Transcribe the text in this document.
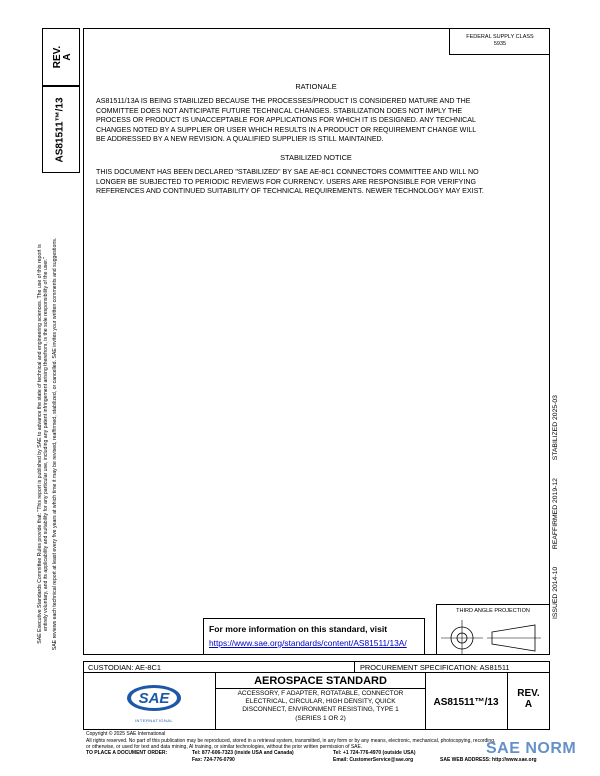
REV. A
AS81511™/13
SAE Executive Standards Committee Rules provide that: "This report is published by SAE to advance the state of technical and engineering sciences. The use of this report is entirely voluntary, and its applicability and suitability for any particular use, including any patent infringement arising therefrom, is the sole responsibility of the user." SAE reviews each technical report at least every five years at which time it may be revised, reaffirmed, stabilized, or cancelled. SAE invites your written comments and suggestions.
FEDERAL SUPPLY CLASS
5935
RATIONALE
AS81511/13A IS BEING STABILIZED BECAUSE THE PROCESSES/PRODUCT IS CONSIDERED MATURE AND THE
COMMITTEE DOES NOT ANTICIPATE FUTURE TECHNICAL CHANGES. STABILIZATION DOES NOT IMPLY THE
PROCESS OR PRODUCT IS UNACCEPTABLE FOR APPLICATIONS FOR WHICH IT IS DESIGNED. ANY TECHNICAL
CHANGES NOTED BY A SUPPLIER OR USER WHICH RESULTS IN A PRODUCT OR REQUIREMENT CHANGE WILL
BE ADDRESSED BY A NEW REVISION. A QUALIFIED SUPPLIER IS STILL MAINTAINED.
STABILIZED NOTICE
THIS DOCUMENT HAS BEEN DECLARED "STABILIZED" BY SAE AE-8C1 CONNECTORS COMMITTEE AND WILL NO
LONGER BE SUBJECTED TO PERIODIC REVIEWS FOR CURRENCY. USERS ARE RESPONSIBLE FOR VERIFYING
REFERENCES AND CONTINUED SUITABILITY OF TECHNICAL REQUIREMENTS. NEWER TECHNOLOGY MAY EXIST.
ISSUED 2014-10  REAFFIRMED 2019-12  STABILIZED 2025-03
For more information on this standard, visit
https://www.sae.org/standards/content/AS81511/13A/
THIRD ANGLE PROJECTION
CUSTODIAN: AE-8C1	PROCUREMENT SPECIFICATION: AS81511
SAE
INTERNATIONAL
AEROSPACE STANDARD
ACCESSORY, F ADAPTER, ROTATABLE, CONNECTOR
ELECTRICAL, CIRCULAR, HIGH DENSITY, QUICK
DISCONNECT, ENVIRONMENT RESISTING, TYPE 1
(SERIES 1 OR 2)
AS81511™/13
REV.
A
Copyright © 2025 SAE International
All rights reserved. No part of this publication may be reproduced, stored in a retrieval system, transmitted, in any form or by any means, electronic, mechanical, photocopying, recording,
or otherwise, or used for text and data mining, AI training, or similar technologies, without the prior written permission of SAE.
TO PLACE A DOCUMENT ORDER:	Tel: 877-606-7323 (inside USA and Canada)	Tel: +1 724-776-4970 (outside USA)
Fax: 724-776-0790	Email: CustomerService@sae.org	SAE WEB ADDRESS: http://www.sae.org
SAE NORM
